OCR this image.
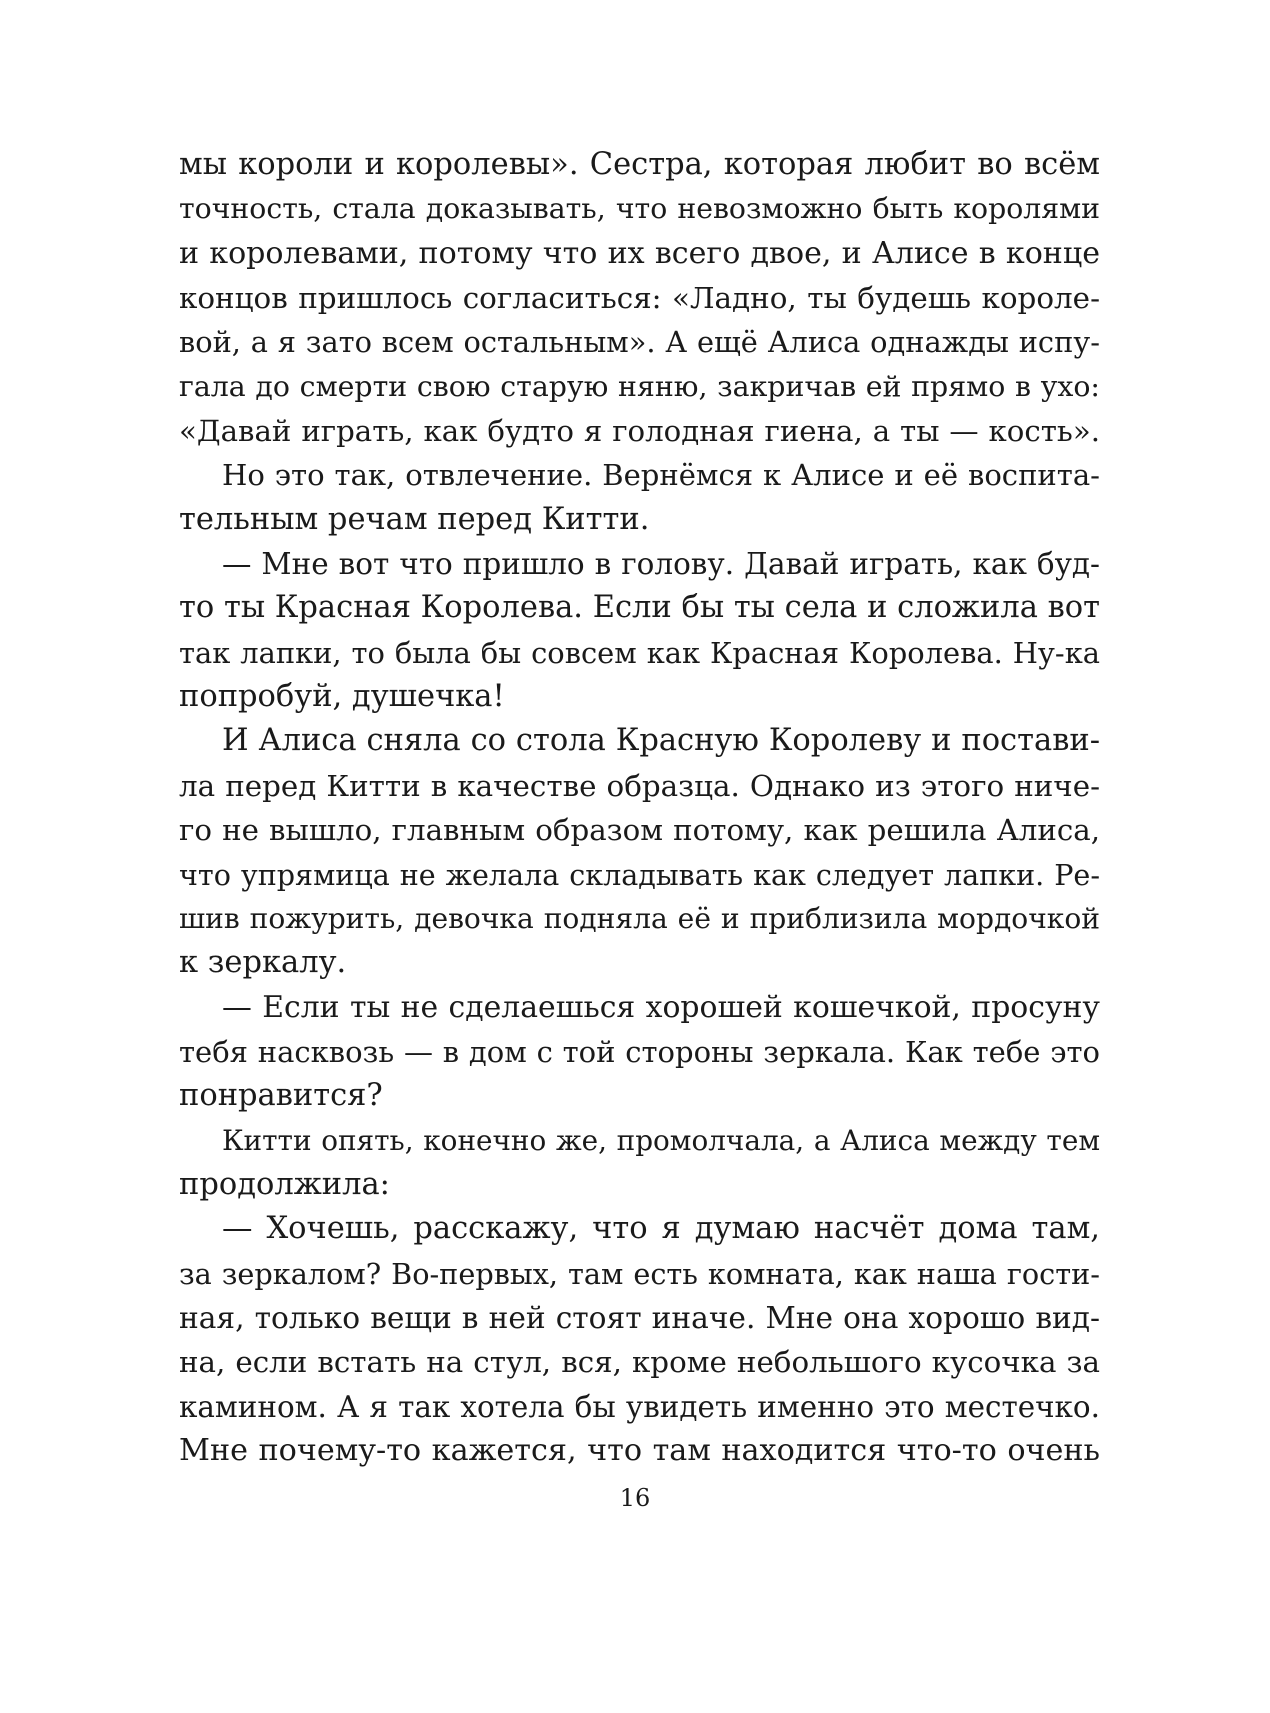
мы короли и королевы». Сестра, которая любит во всём
точность, стала доказывать, что невозможно быть королями
и королевами, потому что их всего двое, и Алисе в конце
концов пришлось согласиться: «Ладно, ты будешь короле-
вой, а я зато всем остальным». А ещё Алиса однажды испу-
гала до смерти свою старую няню, закричав ей прямо в ухо:
«Давай играть, как будто я голодная гиена, а ты — кость».
Но это так, отвлечение. Вернёмся к Алисе и её воспита-
тельным речам перед Китти.
— Мне вот что пришло в голову. Давай играть, как буд-
то ты Красная Королева. Если бы ты села и сложила вот
так лапки, то была бы совсем как Красная Королева. Ну-ка
попробуй, душечка!
И Алиса сняла со стола Красную Королеву и постави-
ла перед Китти в качестве образца. Однако из этого ниче-
го не вышло, главным образом потому, как решила Алиса,
что упрямица не желала складывать как следует лапки. Ре-
шив пожурить, девочка подняла её и приблизила мордочкой
к зеркалу.
— Если ты не сделаешься хорошей кошечкой, просуну
тебя насквозь — в дом с той стороны зеркала. Как тебе это
понравится?
Китти опять, конечно же, промолчала, а Алиса между тем
продолжила:
— Хочешь, расскажу, что я думаю насчёт дома там,
за зеркалом? Во-первых, там есть комната, как наша гости-
ная, только вещи в ней стоят иначе. Мне она хорошо вид-
на, если встать на стул, вся, кроме небольшого кусочка за
камином. А я так хотела бы увидеть именно это местечко.
Мне почему-то кажется, что там находится что-то очень
16
